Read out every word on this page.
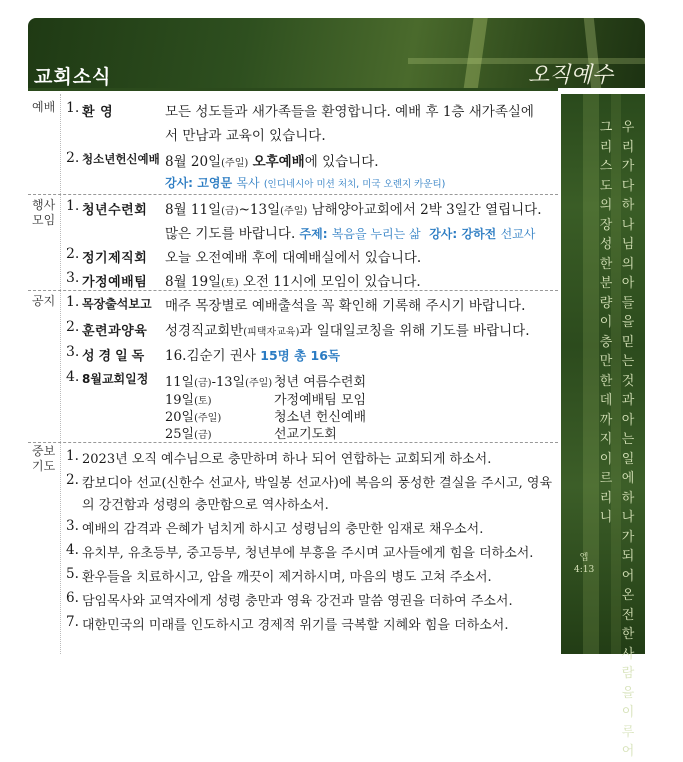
교회소식	오직예수
우리가다하나님의아들을믿는것과아는일에하나가되어온전한사람을이루어
그리스도의장성한분량이충만한데까지이르리니
엡
4:13
예배 1. 환 영	모든 성도들과 새가족들을 환영합니다. 예배 후 1층 새가족실에
서 만남과 교육이 있습니다.
2. 청소년헌신예배 8월 20일(주일) 오후예배에 있습니다.
강사: 고영문 목사 (인디네시아 미션 처치, 미국 오렌지 카운티)
행사 모임
1. 청년수련회 8월 11일(금)~13일(주일) 남해양아교회에서 2박 3일간 열립니다.
많은 기도를 바랍니다. 주제: 복음을 누리는 삶 강사: 강하전 선교사
2. 정기제직회 오늘 오전예배 후에 대예배실에서 있습니다.
3. 가정예배팀 8월 19일(토) 오전 11시에 모임이 있습니다.
공지 1. 목장출석보고 매주 목장별로 예배출석을 꼭 확인해 기록해 주시기 바랍니다.
2. 훈련과양육 성경직교회반(피택자교육)과 일대일코칭을 위해 기도를 바랍니다.
3. 성경일독 16.김순기 권사 15명 총 16독
4. 8월교회일정 11일(금)-13일(주일) 청년 여름수련회
19일(토)	가정예배팀 모임
20일(주일)	청소년 헌신예배
25일(금)	선교기도회
중보 기도
1. 2023년 오직 예수님으로 충만하며 하나 되어 연합하는 교회되게 하소서.
2. 캄보디아 선교(신한수 선교사, 박일봉 선교사)에 복음의 풍성한 결실을 주시고, 영육
의 강건함과 성령의 충만함으로 역사하소서.
3. 예배의 감격과 은혜가 넘치게 하시고 성령님의 충만한 임재로 채우소서.
4. 유치부, 유초등부, 중고등부, 청년부에 부흥을 주시며 교사들에게 힘을 더하소서.
5. 환우들을 치료하시고, 암을 깨끗이 제거하시며, 마음의 병도 고쳐 주소서.
6. 담임목사와 교역자에게 성령 충만과 영육 강건과 말씀 영권을 더하여 주소서.
7. 대한민국의 미래를 인도하시고 경제적 위기를 극복할 지혜와 힘을 더하소서.
